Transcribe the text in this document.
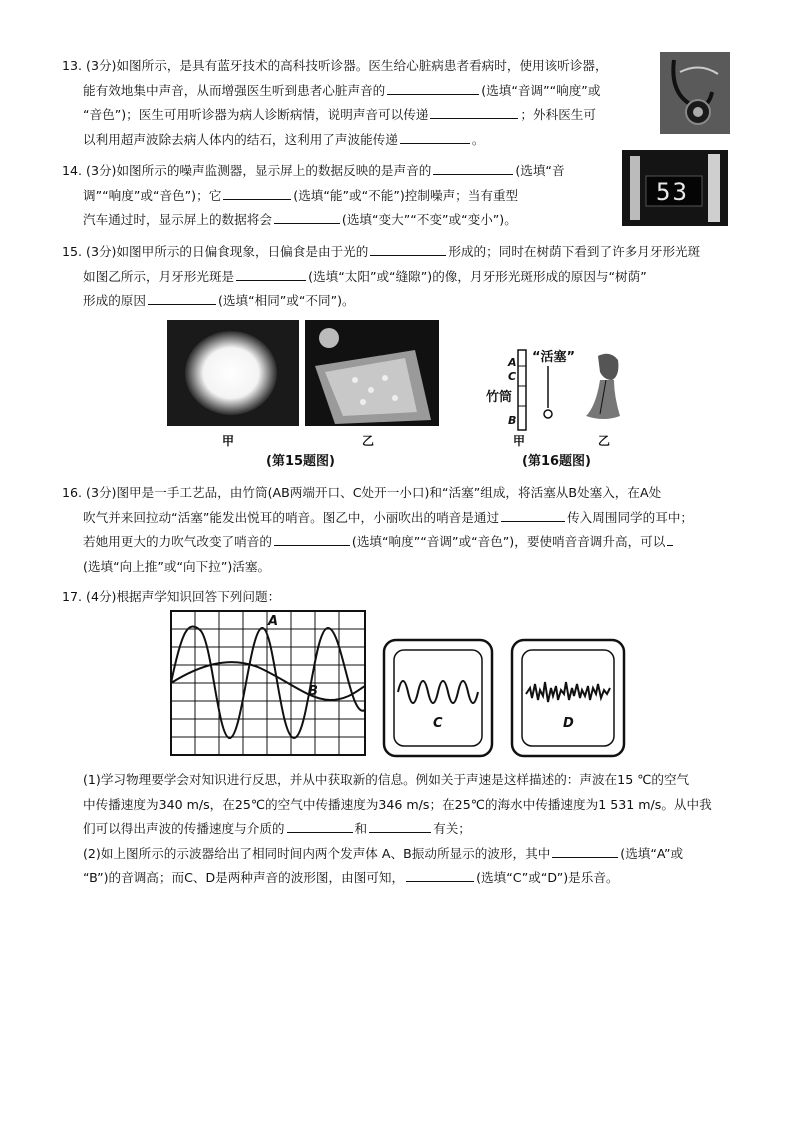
13. (3分)如图所示，是具有蓝牙技术的高科技听诊器。医生给心脏病患者看病时，使用该听诊器，
能有效地集中声音，从而增强医生听到患者心脏声音的	(选填“音调”“响度”或
“音色”)；医生可用听诊器为病人诊断病情，说明声音可以传递	；外科医生可
以利用超声波除去病人体内的结石，这利用了声波能传递	。
14. (3分)如图所示的噪声监测器，显示屏上的数据反映的是声音的	(选填“音
调”“响度”或“音色”)；它	(选填“能”或“不能”)控制噪声；当有重型
汽车通过时，显示屏上的数据将会	(选填“变大”“不变”或“变小”)。
53
15. (3分)如图甲所示的日偏食现象，日偏食是由于光的	形成的；同时在树荫下看到了许多月牙形光斑
如图乙所示，月牙形光斑是	(选填“太阳”或“缝隙”)的像，月牙形光斑形成的原因与“树荫”
形成的原因	(选填“相同”或“不同”)。
甲	乙
(第15题图)
“活塞”
A
C
竹筒
B
甲	乙
(第16题图)
16. (3分)图甲是一手工艺品，由竹筒(AB两端开口、C处开一小口)和“活塞”组成，将活塞从B处塞入，在A处
吹气并来回拉动“活塞”能发出悦耳的哨音。图乙中，小丽吹出的哨音是通过	传入周围同学的耳中；
若她用更大的力吹气改变了哨音的	(选填“响度”“音调”或“音色”)，要使哨音音调升高，可以
(选填“向上推”或“向下拉”)活塞。
17. (4分)根据声学知识回答下列问题：
A
B
C	D
(1)学习物理要学会对知识进行反思，并从中获取新的信息。例如关于声速是这样描述的：声波在15 ℃的空气
中传播速度为340 m/s，在25℃的空气中传播速度为346 m/s；在25℃的海水中传播速度为1 531 m/s。从中我
们可以得出声波的传播速度与介质的	和	有关；
(2)如上图所示的示波器给出了相同时间内两个发声体 A、B振动所显示的波形，其中	(选填“A”或
“B”)的音调高；而C、D是两种声音的波形图，由图可知，	(选填“C”或“D”)是乐音。
